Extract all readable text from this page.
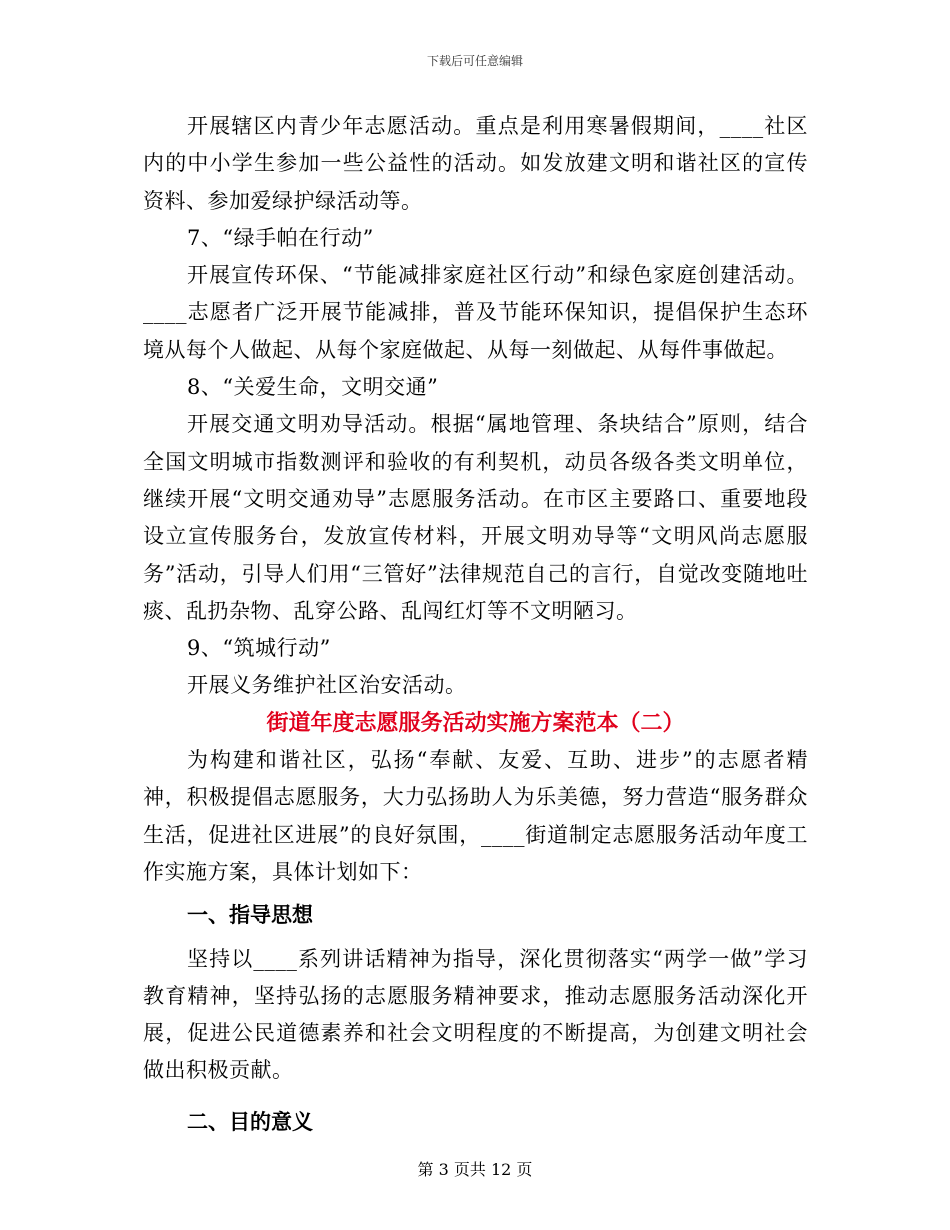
下载后可任意编辑

开展辖区内青少年志愿活动。重点是利用寒暑假期间，____社区内的中小学生参加一些公益性的活动。如发放建文明和谐社区的宣传资料、参加爱绿护绿活动等。

7、“绿手帕在行动”

开展宣传环保、“节能减排家庭社区行动”和绿色家庭创建活动。____志愿者广泛开展节能减排，普及节能环保知识，提倡保护生态环境从每个人做起、从每个家庭做起、从每一刻做起、从每件事做起。

8、“关爱生命，文明交通”

开展交通文明劝导活动。根据“属地管理、条块结合”原则，结合全国文明城市指数测评和验收的有利契机，动员各级各类文明单位，继续开展“文明交通劝导”志愿服务活动。在市区主要路口、重要地段设立宣传服务台，发放宣传材料，开展文明劝导等“文明风尚志愿服务”活动，引导人们用“三管好”法律规范自己的言行，自觉改变随地吐痰、乱扔杂物、乱穿公路、乱闯红灯等不文明陋习。

9、“筑城行动”

开展义务维护社区治安活动。

街道年度志愿服务活动实施方案范本（二）

为构建和谐社区，弘扬“奉献、友爱、互助、进步”的志愿者精神，积极提倡志愿服务，大力弘扬助人为乐美德，努力营造“服务群众生活，促进社区进展”的良好氛围，____街道制定志愿服务活动年度工作实施方案，具体计划如下：

一、指导思想

坚持以____系列讲话精神为指导，深化贯彻落实“两学一做”学习教育精神，坚持弘扬的志愿服务精神要求，推动志愿服务活动深化开展，促进公民道德素养和社会文明程度的不断提高，为创建文明社会做出积极贡献。

二、目的意义

第 3 页共 12 页
